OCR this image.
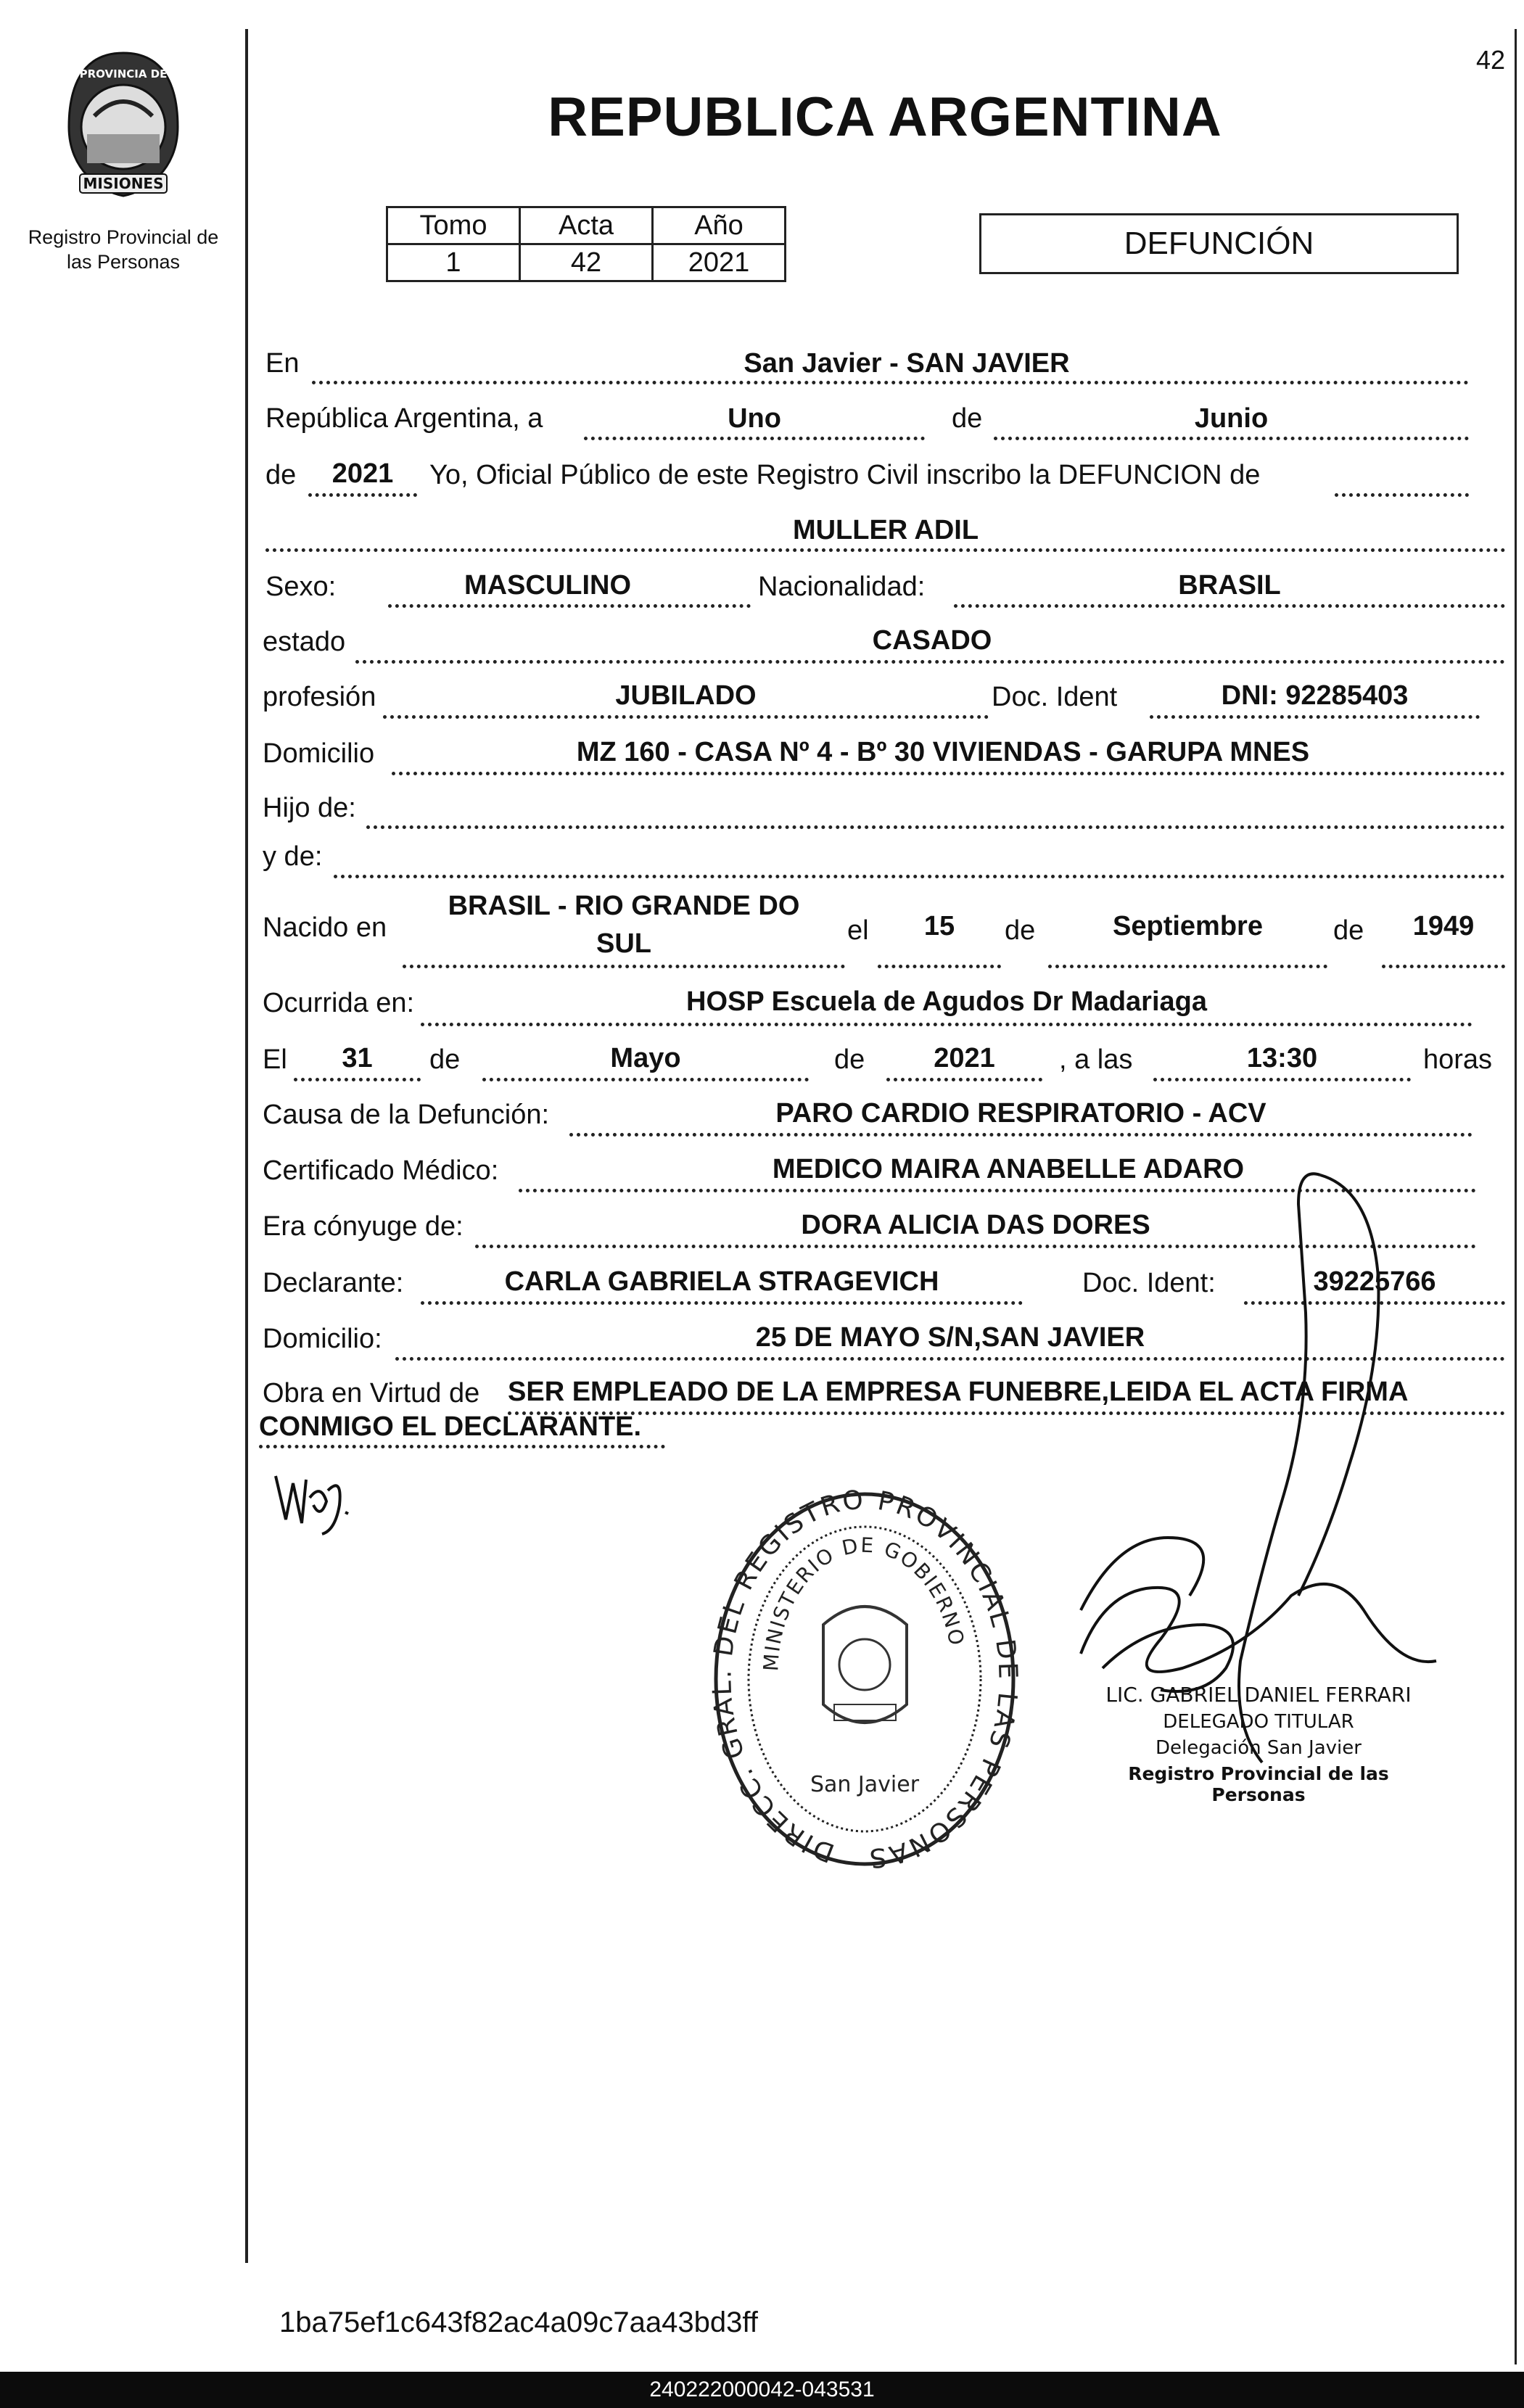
42
MISIONES
PROVINCIA DE
Registro Provincial de
las Personas
REPUBLICA ARGENTINA
Tomo	Acta	Año
1	42	2021
DEFUNCIÓN
En	San Javier - SAN JAVIER
República Argentina, a	Uno	de	Junio
de	2021	Yo, Oficial Público de este Registro Civil inscribo la DEFUNCION de
MULLER ADIL
Sexo:	MASCULINO	Nacionalidad:	BRASIL
estado	CASADO
profesión	JUBILADO	Doc. Ident	DNI: 92285403
Domicilio	MZ 160 - CASA Nº 4 - Bº 30 VIVIENDAS - GARUPA MNES
Hijo de:
y de:
Nacido en
BRASIL - RIO GRANDE DO
SUL	el	15	de	Septiembre	de	1949
Ocurrida en:	HOSP Escuela de Agudos Dr Madariaga
El	31	de	Mayo	de	2021	, a las	13:30	horas
Causa de la Defunción:	PARO CARDIO RESPIRATORIO - ACV
Certificado Médico:	MEDICO MAIRA ANABELLE ADARO
Era cónyuge de:	DORA ALICIA DAS DORES
Declarante:	CARLA GABRIELA STRAGEVICH	Doc. Ident:	39225766
Domicilio:	25 DE MAYO S/N,SAN JAVIER
Obra en Virtud de SER EMPLEADO DE LA EMPRESA FUNEBRE,LEIDA EL ACTA FIRMA
CONMIGO EL DECLARANTE.
DIRECC. GRAL. DEL REGISTRO PROVINCIAL DE LAS PERSONAS
MINISTERIO DE GOBIERNO
San Javier
LIC. GABRIEL DANIEL FERRARI
DELEGADO TITULAR
Delegación San Javier
Registro Provincial de las Personas
1ba75ef1c643f82ac4a09c7aa43bd3ff
240222000042-043531
